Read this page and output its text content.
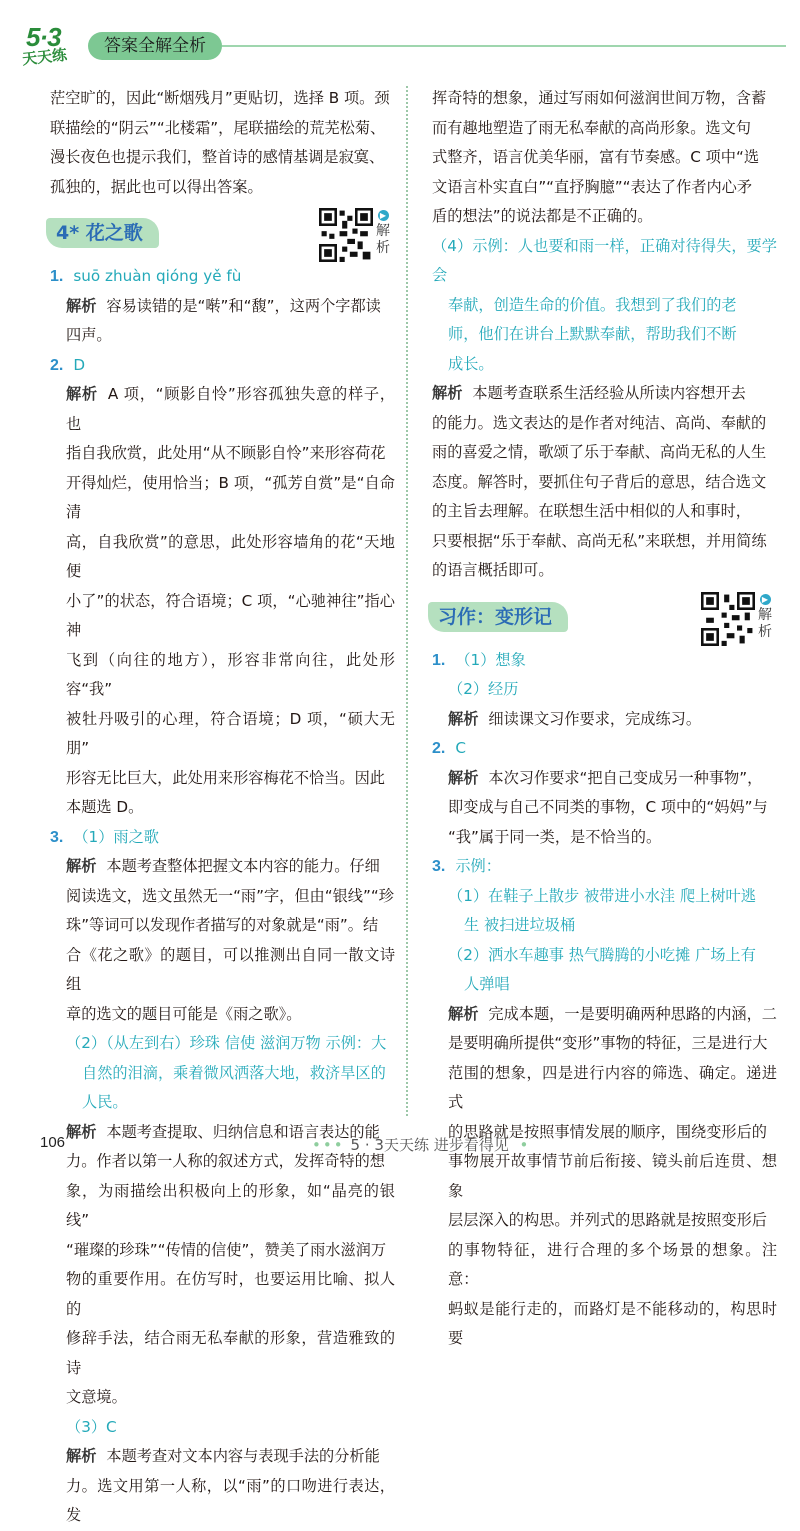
5·3
天天练	答案全解全析

茫空旷的，因此“断烟残月”更贴切，选择 B 项。颈

联描绘的“阴云”“北楼霜”，尾联描绘的荒芜松菊、

漫长夜色也提示我们，整首诗的感情基调是寂寞、

孤独的，据此也可以得出答案。

4* 花之歌
▶
解析

1. suō zhuàn qióng yě fù

解析 容易读错的是“啭”和“馥”，这两个字都读

四声。

2. D

解析 A 项，“顾影自怜”形容孤独失意的样子，也

指自我欣赏，此处用“从不顾影自怜”来形容荷花

开得灿烂，使用恰当；B 项，“孤芳自赏”是“自命清

高，自我欣赏”的意思，此处形容墙角的花“天地便

小了”的状态，符合语境；C 项，“心驰神往”指心神

飞到（向往的地方），形容非常向往，此处形容“我”

被牡丹吸引的心理，符合语境；D 项，“硕大无朋”

形容无比巨大，此处用来形容梅花不恰当。因此

本题选 D。

3. （1）雨之歌

解析 本题考查整体把握文本内容的能力。仔细

阅读选文，选文虽然无一“雨”字，但由“银线”“珍

珠”等词可以发现作者描写的对象就是“雨”。结

合《花之歌》的题目，可以推测出自同一散文诗组

章的选文的题目可能是《雨之歌》。

（2）（从左到右）珍珠 信使 滋润万物 示例：大

自然的泪滴，乘着微风洒落大地，救济旱区的

人民。

解析 本题考查提取、归纳信息和语言表达的能

力。作者以第一人称的叙述方式，发挥奇特的想

象，为雨描绘出积极向上的形象，如“晶亮的银线”

“璀璨的珍珠”“传情的信使”，赞美了雨水滋润万

物的重要作用。在仿写时，也要运用比喻、拟人的

修辞手法，结合雨无私奉献的形象，营造雅致的诗

文意境。

（3）C

解析 本题考查对文本内容与表现手法的分析能

力。选文用第一人称，以“雨”的口吻进行表达，发

挥奇特的想象，通过写雨如何滋润世间万物，含蓄

而有趣地塑造了雨无私奉献的高尚形象。选文句

式整齐，语言优美华丽，富有节奏感。C 项中“选

文语言朴实直白”“直抒胸臆”“表达了作者内心矛

盾的想法”的说法都是不正确的。

（4）示例：人也要和雨一样，正确对待得失，要学会

奉献，创造生命的价值。我想到了我们的老

师，他们在讲台上默默奉献，帮助我们不断

成长。

解析 本题考查联系生活经验从所读内容想开去

的能力。选文表达的是作者对纯洁、高尚、奉献的

雨的喜爱之情，歌颂了乐于奉献、高尚无私的人生

态度。解答时，要抓住句子背后的意思，结合选文

的主旨去理解。在联想生活中相似的人和事时，

只要根据“乐于奉献、高尚无私”来联想，并用简练

的语言概括即可。

习作：变形记
▶
解析

1. （1）想象

（2）经历

解析 细读课文习作要求，完成练习。

2. C

解析 本次习作要求“把自己变成另一种事物”，

即变成与自己不同类的事物，C 项中的“妈妈”与

“我”属于同一类，是不恰当的。

3. 示例：

（1）在鞋子上散步 被带进小水洼 爬上树叶逃

生 被扫进垃圾桶

（2）洒水车趣事 热气腾腾的小吃摊 广场上有

人弹唱

解析 完成本题，一是要明确两种思路的内涵，二

是要明确所提供“变形”事物的特征，三是进行大

范围的想象，四是进行内容的筛选、确定。递进式

的思路就是按照事情发展的顺序，围绕变形后的

事物展开故事情节前后衔接、镜头前后连贯、想象

层层深入的构思。并列式的思路就是按照变形后

的事物特征，进行合理的多个场景的想象。注意：

蚂蚁是能行走的，而路灯是不能移动的，构思时要

106	••• 5 · 3天天练 进步看得见 •
